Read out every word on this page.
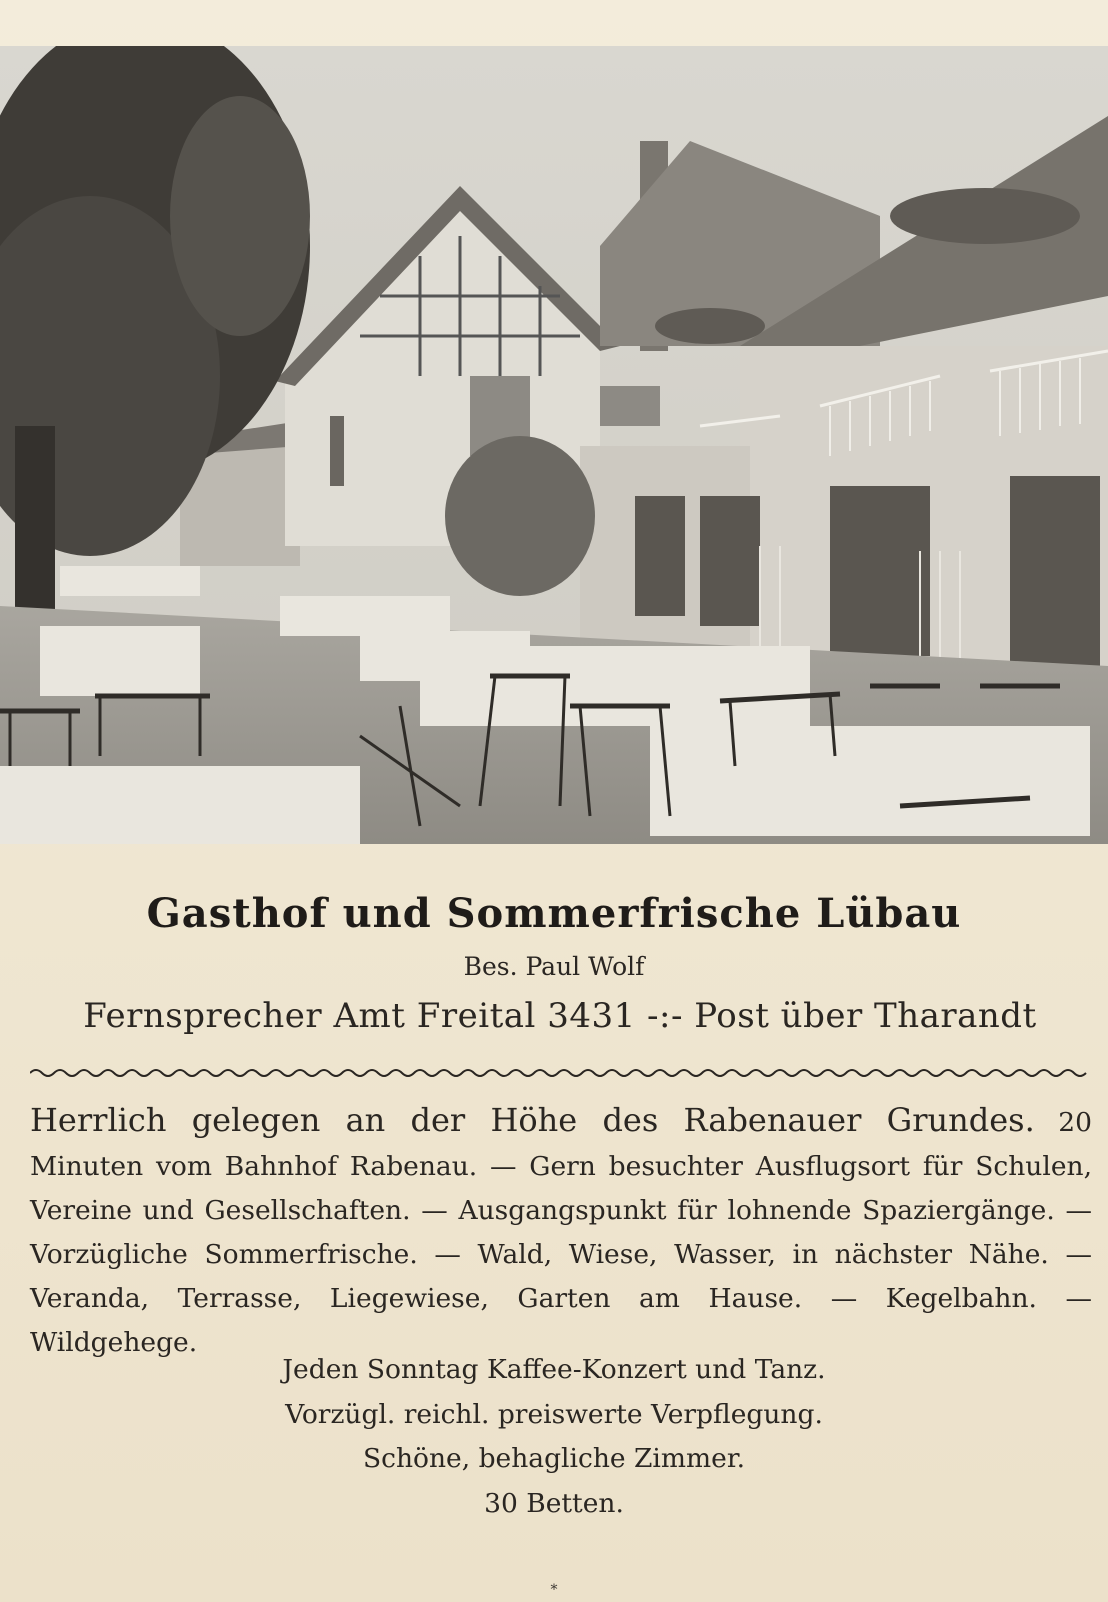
Gasthof und Sommerfrische Lübau
Bes. Paul Wolf
Fernsprecher Amt Freital 3431 -:- Post über Tharandt
Herrlich gelegen an der Höhe des Rabenauer Grundes. 20 Minuten vom Bahnhof Rabenau. — Gern besuchter Ausflugsort für Schulen, Vereine und Gesellschaften. — Ausgangspunkt für lohnende Spaziergänge. — Vorzügliche Sommerfrische. — Wald, Wiese, Wasser, in nächster Nähe. — Veranda, Terrasse, Liegewiese, Garten am Hause. — Kegelbahn. — Wildgehege.
Jeden Sonntag Kaffee-Konzert und Tanz.
Vorzügl. reichl. preiswerte Verpflegung.
Schöne, behagliche Zimmer.
30 Betten.
*
